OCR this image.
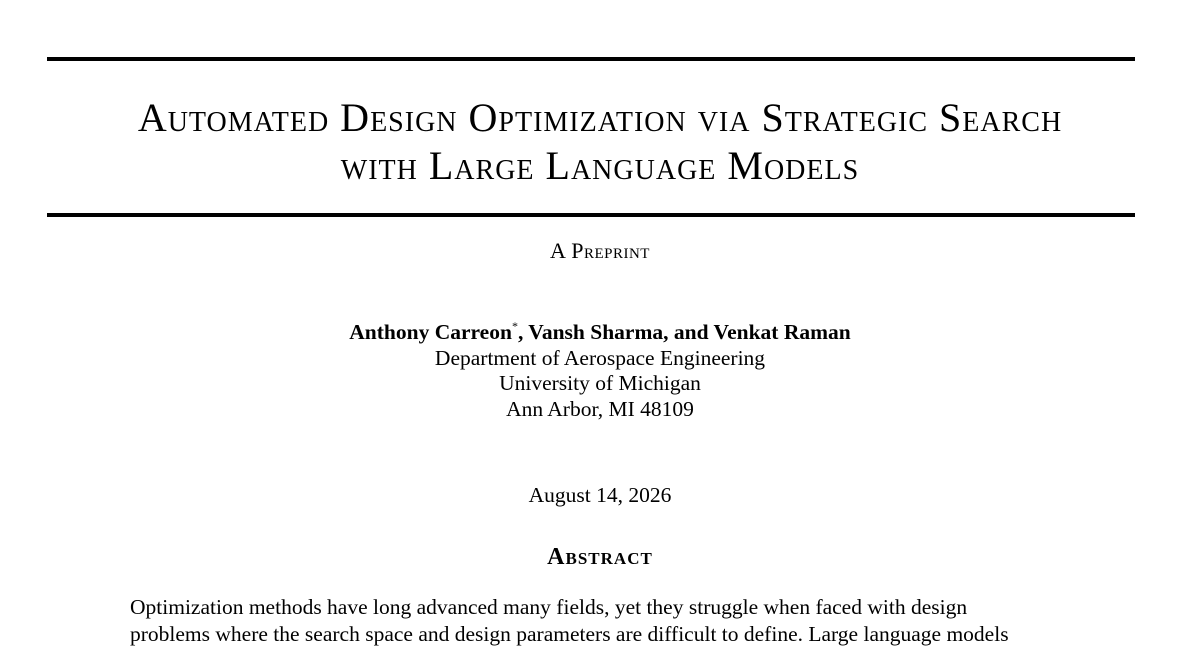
Automated Design Optimization via Strategic Search
with Large Language Models
A Preprint
Anthony Carreon*, Vansh Sharma, and Venkat Raman
Department of Aerospace Engineering
University of Michigan
Ann Arbor, MI 48109
August 14, 2026
Abstract
Optimization methods have long advanced many fields, yet they struggle when faced with design
problems where the search space and design parameters are difficult to define. Large language models
